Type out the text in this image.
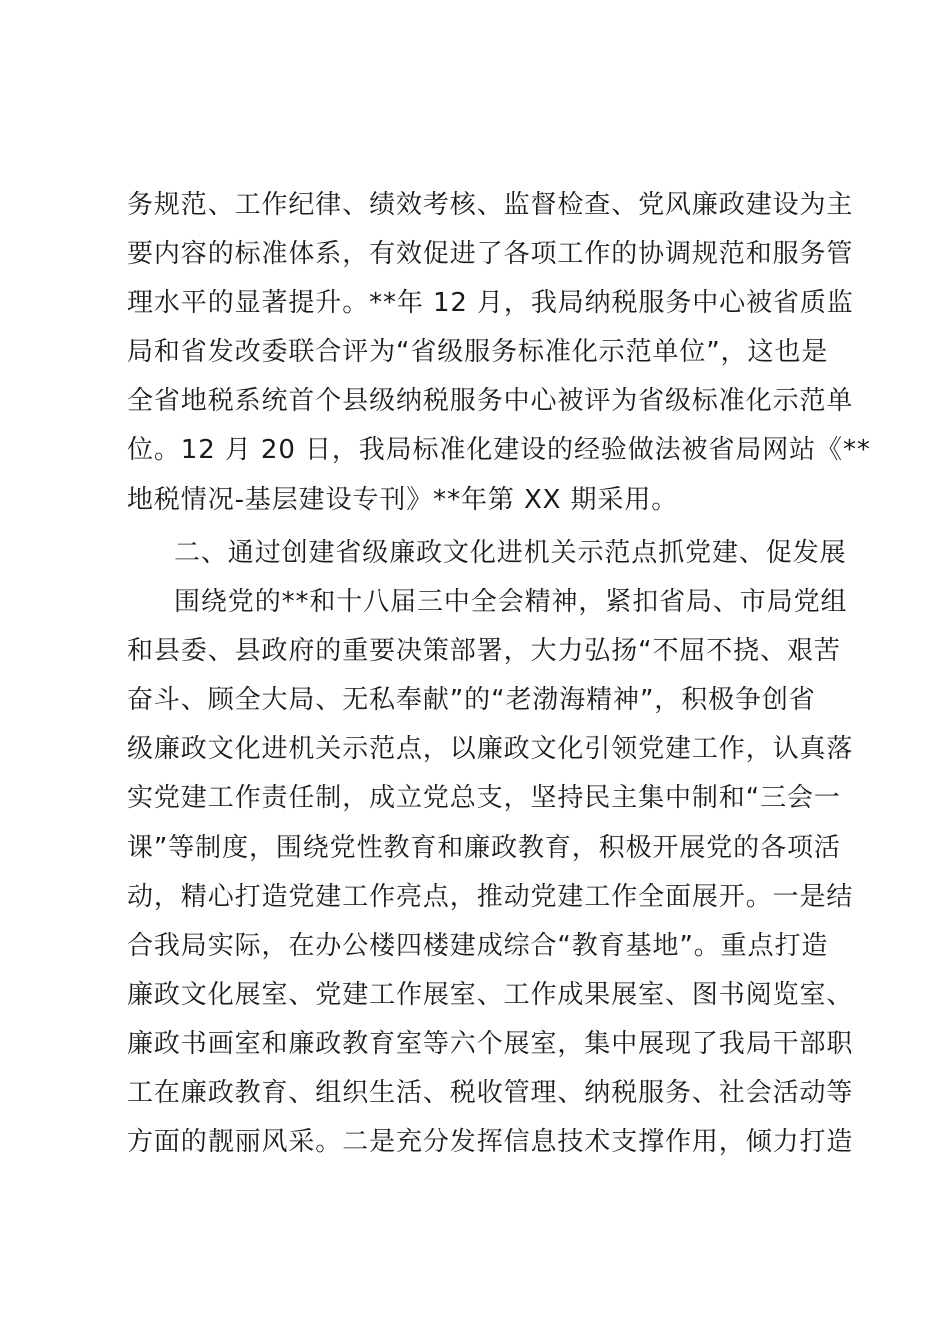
务规范、工作纪律、绩效考核、监督检查、党风廉政建设为主
要内容的标准体系，有效促进了各项工作的协调规范和服务管
理水平的显著提升。**年 12 月，我局纳税服务中心被省质监
局和省发改委联合评为“省级服务标准化示范单位”，这也是
全省地税系统首个县级纳税服务中心被评为省级标准化示范单
位。12 月 20 日，我局标准化建设的经验做法被省局网站《**
地税情况-基层建设专刊》**年第 XX 期采用。
二、通过创建省级廉政文化进机关示范点抓党建、促发展
围绕党的**和十八届三中全会精神，紧扣省局、市局党组
和县委、县政府的重要决策部署，大力弘扬“不屈不挠、艰苦
奋斗、顾全大局、无私奉献”的“老渤海精神”，积极争创省
级廉政文化进机关示范点，以廉政文化引领党建工作，认真落
实党建工作责任制，成立党总支，坚持民主集中制和“三会一
课”等制度，围绕党性教育和廉政教育，积极开展党的各项活
动，精心打造党建工作亮点，推动党建工作全面展开。一是结
合我局实际，在办公楼四楼建成综合“教育基地”。重点打造
廉政文化展室、党建工作展室、工作成果展室、图书阅览室、
廉政书画室和廉政教育室等六个展室，集中展现了我局干部职
工在廉政教育、组织生活、税收管理、纳税服务、社会活动等
方面的靓丽风采。二是充分发挥信息技术支撑作用，倾力打造
